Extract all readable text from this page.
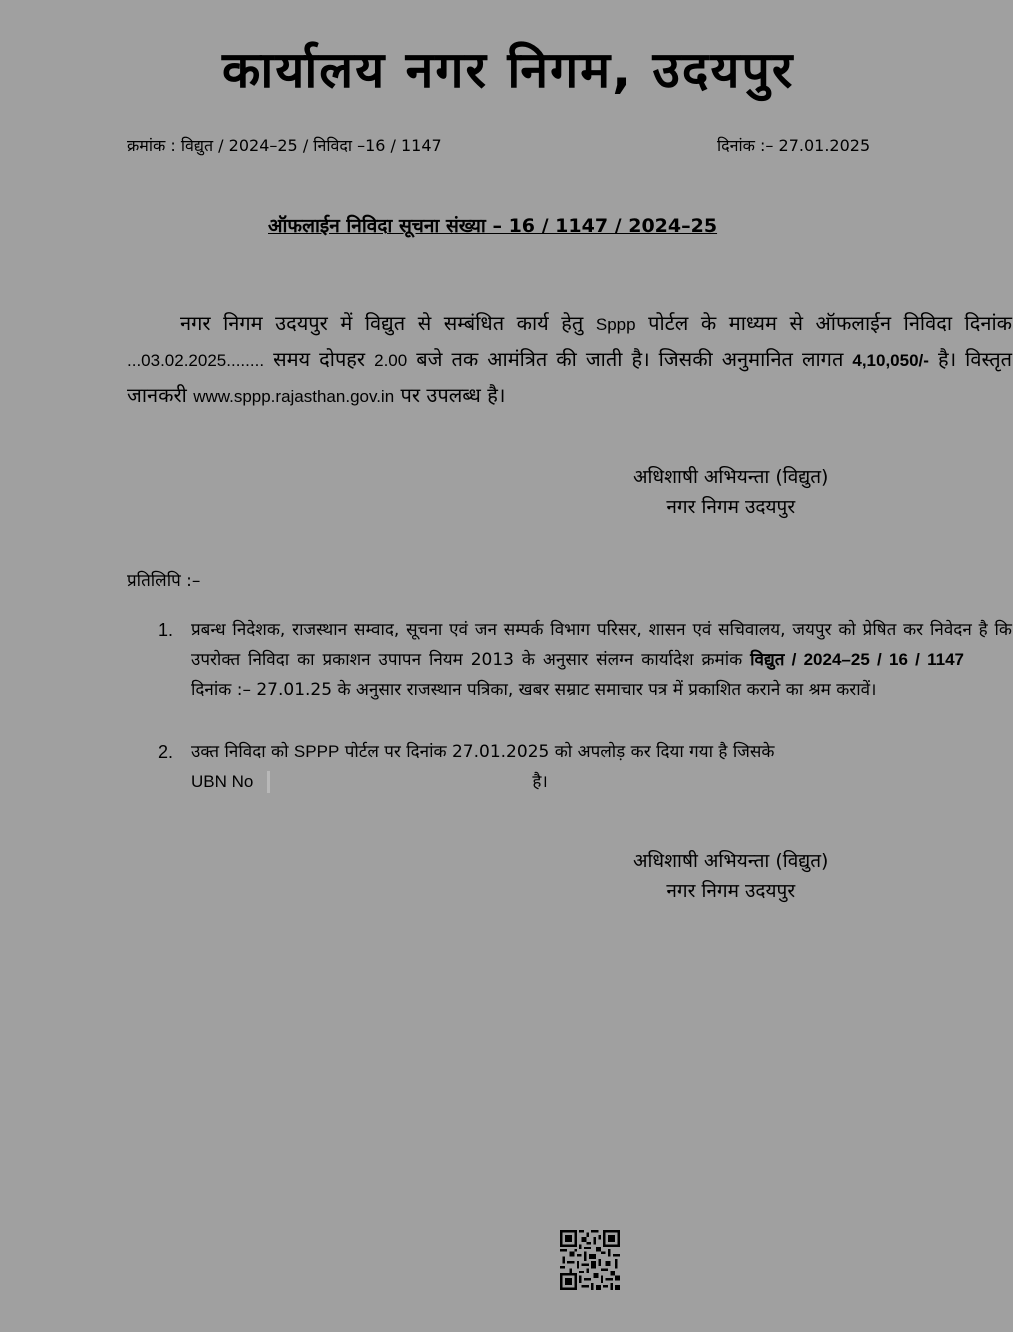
कार्यालय नगर निगम, उदयपुर
क्रमांक : विद्युत / 2024–25 / निविदा –16 / 1147	दिनांक :– 27.01.2025
ऑफलाईन निविदा सूचना संख्या – 16 / 1147 / 2024–25
नगर निगम उदयपुर में विद्युत से सम्बंधित कार्य हेतु Sppp पोर्टल के माध्यम से ऑफलाईन निविदा दिनांक ...03.02.2025........ समय दोपहर 2.00 बजे तक आमंत्रित की जाती है। जिसकी अनुमानित लागत 4,10,050/- है। विस्तृत जानकरी www.sppp.rajasthan.gov.in पर उपलब्ध है।
अधिशाषी अभियन्ता (विद्युत)
नगर निगम उदयपुर
प्रतिलिपि :–
1. प्रबन्ध निदेशक, राजस्थान सम्वाद, सूचना एवं जन सम्पर्क विभाग परिसर, शासन एवं सचिवालय, जयपुर को प्रेषित कर निवेदन है कि उपरोक्त निविदा का प्रकाशन उपापन नियम 2013 के अनुसार संलग्न कार्यादेश क्रमांक विद्युत / 2024–25 / 16 / 1147 दिनांक :– 27.01.25 के अनुसार राजस्थान पत्रिका, खबर सम्राट समाचार पत्र में प्रकाशित कराने का श्रम करावें।
2. उक्त निविदा को SPPP पोर्टल पर दिनांक 27.01.2025 को अपलोड़ कर दिया गया है जिसके
UBN No	है।
अधिशाषी अभियन्ता (विद्युत)
नगर निगम उदयपुर
